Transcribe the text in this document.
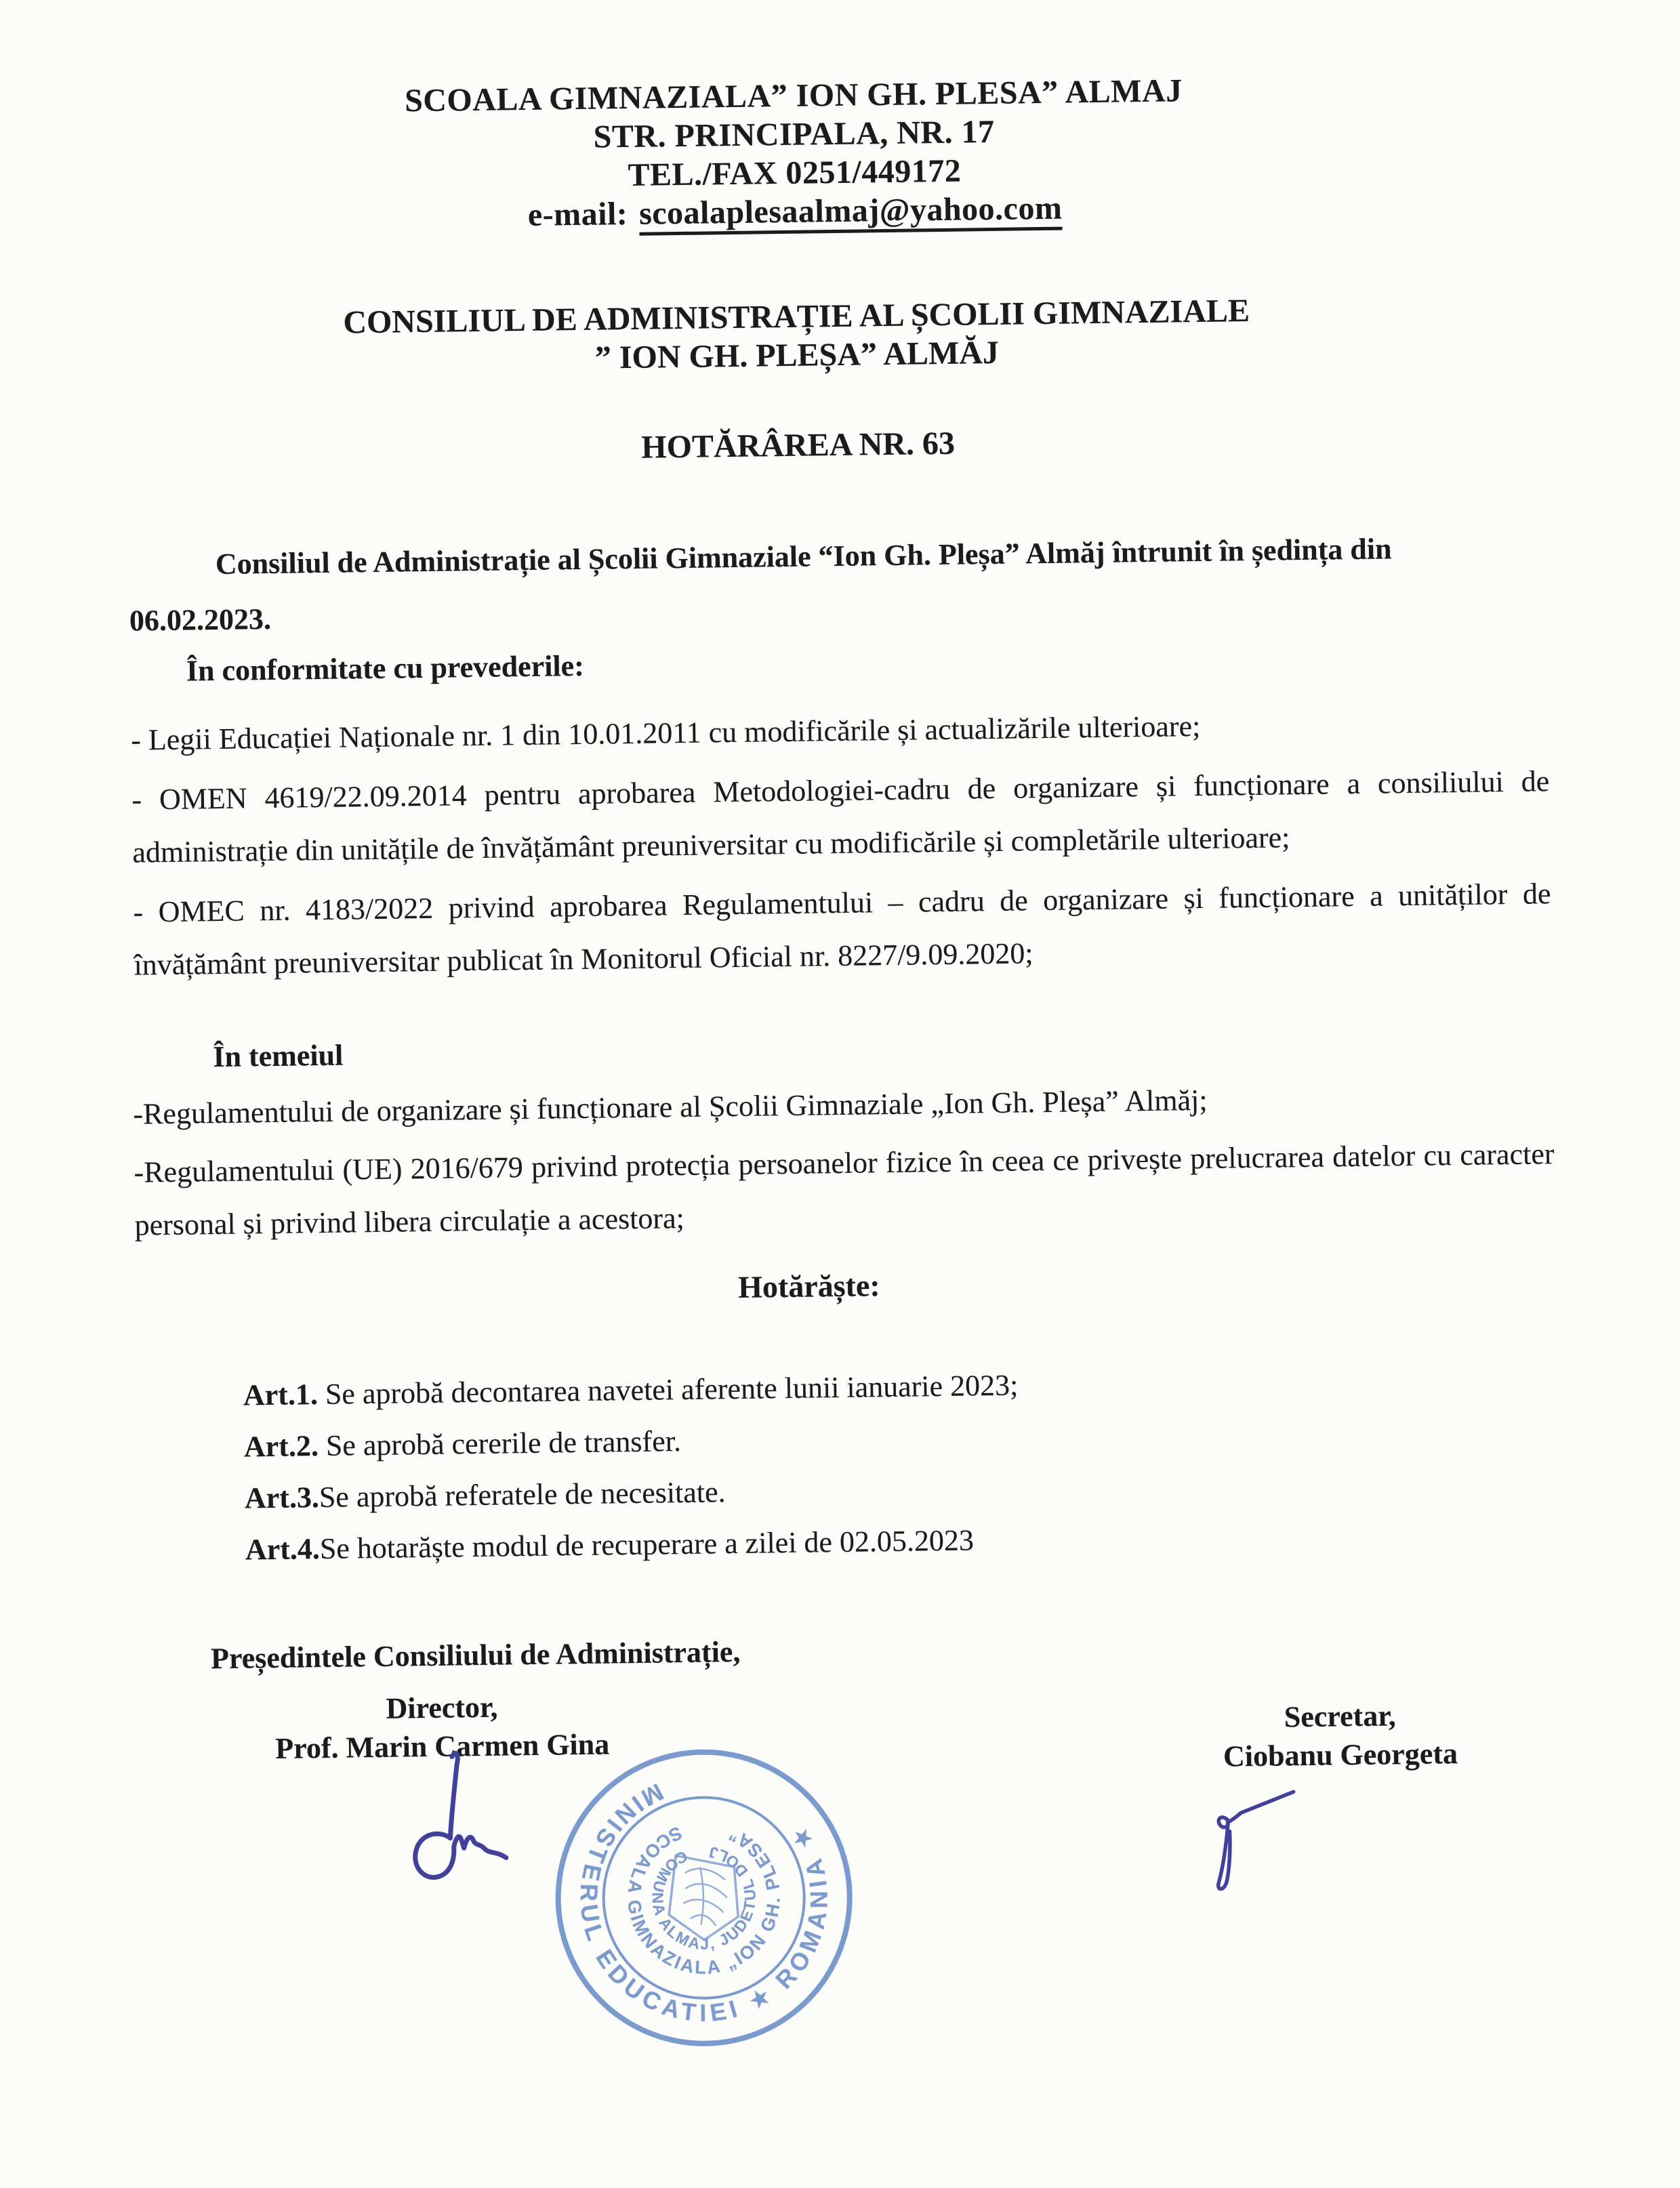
SCOALA GIMNAZIALA” ION GH. PLESA” ALMAJ
STR. PRINCIPALA, NR. 17
TEL./FAX 0251/449172
e-mail: scoalaplesaalmaj@yahoo.com
CONSILIUL DE ADMINISTRAȚIE AL ȘCOLII GIMNAZIALE
” ION GH. PLEȘA” ALMĂJ
HOTĂRÂREA NR. 63
Consiliul de Administrație al Școlii Gimnaziale “Ion Gh. Pleșa” Almăj întrunit în ședința din
06.02.2023.
În conformitate cu prevederile:
- Legii Educației Naționale nr. 1 din 10.01.2011 cu modificările și actualizările ulterioare;
- OMEN 4619/22.09.2014 pentru aprobarea Metodologiei-cadru de organizare și funcționare a consiliului de administrație din unitățile de învățământ preuniversitar cu modificările și completările ulterioare;
- OMEC nr. 4183/2022 privind aprobarea Regulamentului – cadru de organizare și funcționare a unităților de învățământ preuniversitar publicat în Monitorul Oficial nr. 8227/9.09.2020;
În temeiul
-Regulamentului de organizare și funcționare al Școlii Gimnaziale „Ion Gh. Pleșa” Almăj;
-Regulamentului (UE) 2016/679 privind protecția persoanelor fizice în ceea ce privește prelucrarea datelor cu caracter personal și privind libera circulație a acestora;
Hotărăște:
Art.1. Se aprobă decontarea navetei aferente lunii ianuarie 2023;
Art.2. Se aprobă cererile de transfer.
Art.3.Se aprobă referatele de necesitate.
Art.4.Se hotarăște modul de recuperare a zilei de 02.05.2023
Președintele Consiliului de Administrație,
Director,
Prof. Marin Carmen Gina
Secretar,
Ciobanu Georgeta
MINISTERUL EDUCATIEI ★ ROMANIA ★
SCOALA GIMNAZIALA „ION GH. PLESA”
COMUNA ALMAJ, JUDETUL DOLJ
